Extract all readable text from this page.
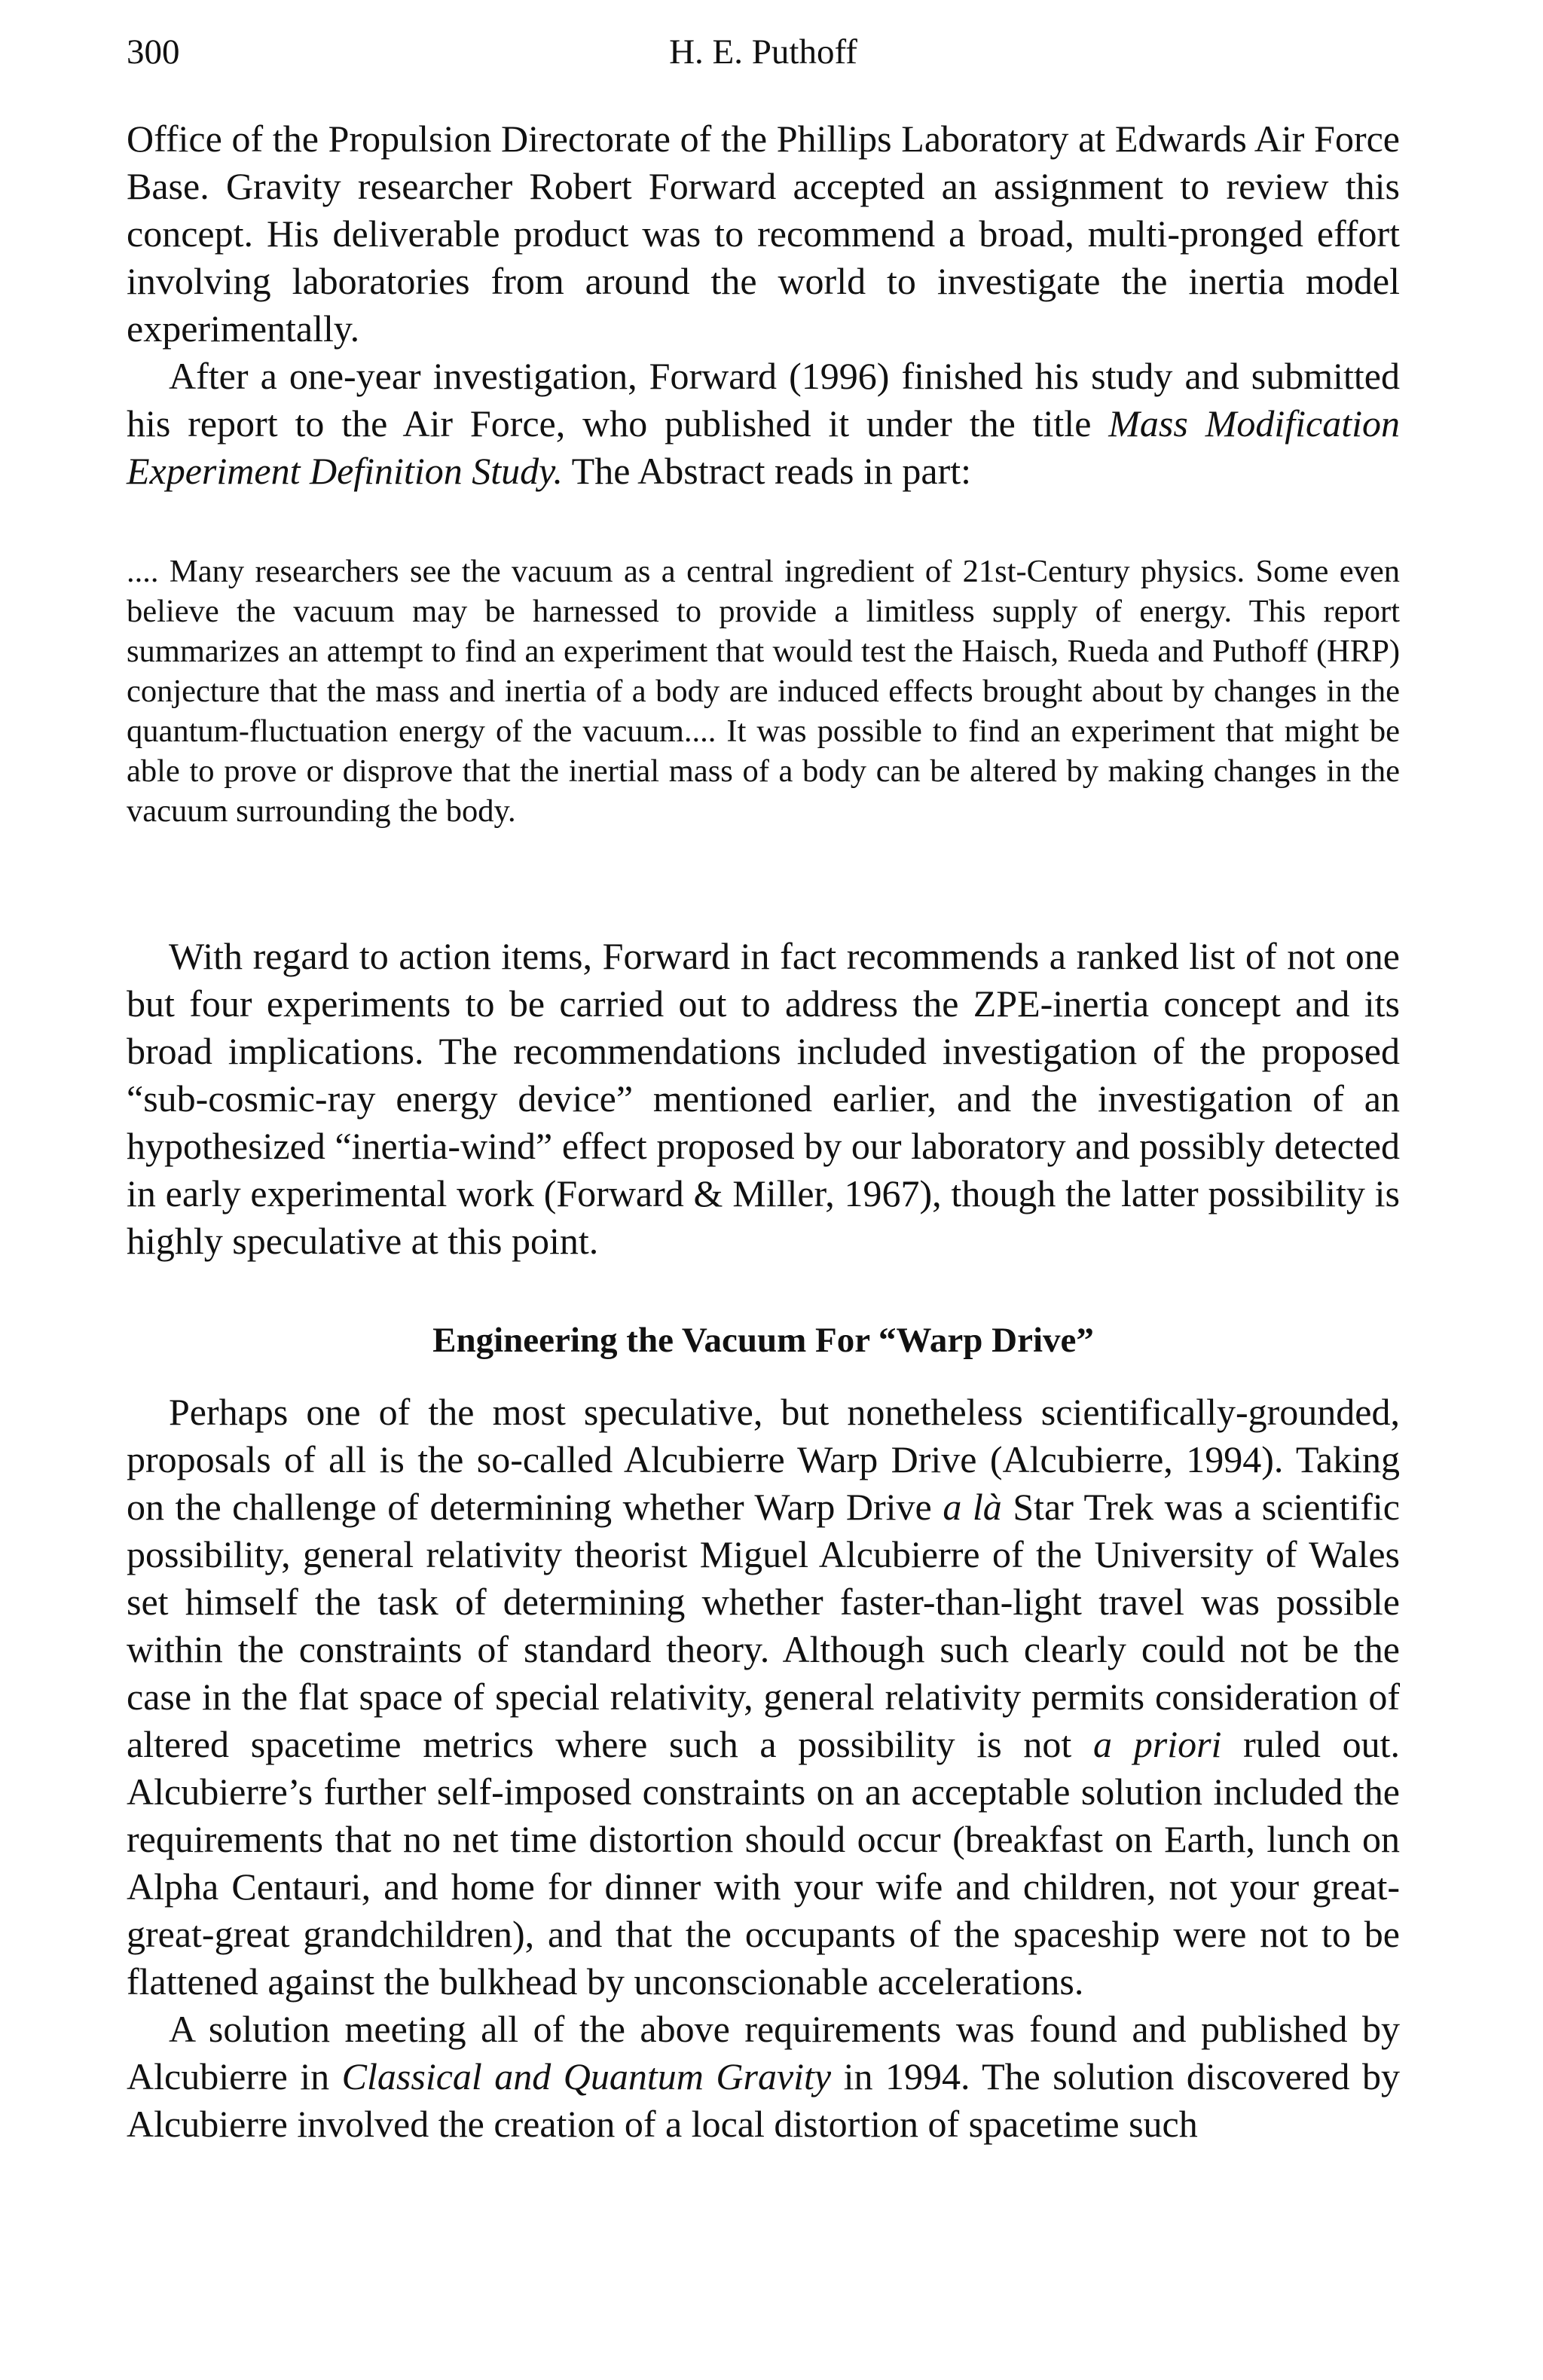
300	H. E. Puthoff

Office of the Propulsion Directorate of the Phillips Laboratory at Edwards Air Force Base. Gravity researcher Robert Forward accepted an assignment to review this concept. His deliverable product was to recommend a broad, multi-pronged effort involving laboratories from around the world to investigate the inertia model experimentally.

After a one-year investigation, Forward (1996) finished his study and submitted his report to the Air Force, who published it under the title Mass Modification Experiment Definition Study. The Abstract reads in part:

.... Many researchers see the vacuum as a central ingredient of 21st-Century physics. Some even believe the vacuum may be harnessed to provide a limitless supply of energy. This report summarizes an attempt to find an experiment that would test the Haisch, Rueda and Puthoff (HRP) conjecture that the mass and inertia of a body are induced effects brought about by changes in the quantum-fluctuation energy of the vacuum.... It was possible to find an experiment that might be able to prove or disprove that the inertial mass of a body can be altered by making changes in the vacuum surrounding the body.

With regard to action items, Forward in fact recommends a ranked list of not one but four experiments to be carried out to address the ZPE-inertia concept and its broad implications. The recommendations included investigation of the proposed “sub-cosmic-ray energy device” mentioned earlier, and the investigation of an hypothesized “inertia-wind” effect proposed by our laboratory and possibly detected in early experimental work (Forward & Miller, 1967), though the latter possibility is highly speculative at this point.

Engineering the Vacuum For “Warp Drive”

Perhaps one of the most speculative, but nonetheless scientifically-grounded, proposals of all is the so-called Alcubierre Warp Drive (Alcubierre, 1994). Taking on the challenge of determining whether Warp Drive a là Star Trek was a scientific possibility, general relativity theorist Miguel Alcubierre of the University of Wales set himself the task of determining whether faster-than-light travel was possible within the constraints of standard theory. Although such clearly could not be the case in the flat space of special relativity, general relativity permits consideration of altered spacetime metrics where such a possibility is not a priori ruled out. Alcubierre’s further self-imposed constraints on an acceptable solution included the requirements that no net time distortion should occur (breakfast on Earth, lunch on Alpha Centauri, and home for dinner with your wife and children, not your great-great-great grandchildren), and that the occupants of the spaceship were not to be flattened against the bulkhead by unconscionable accelerations.

A solution meeting all of the above requirements was found and published by Alcubierre in Classical and Quantum Gravity in 1994. The solution discovered by Alcubierre involved the creation of a local distortion of spacetime such
